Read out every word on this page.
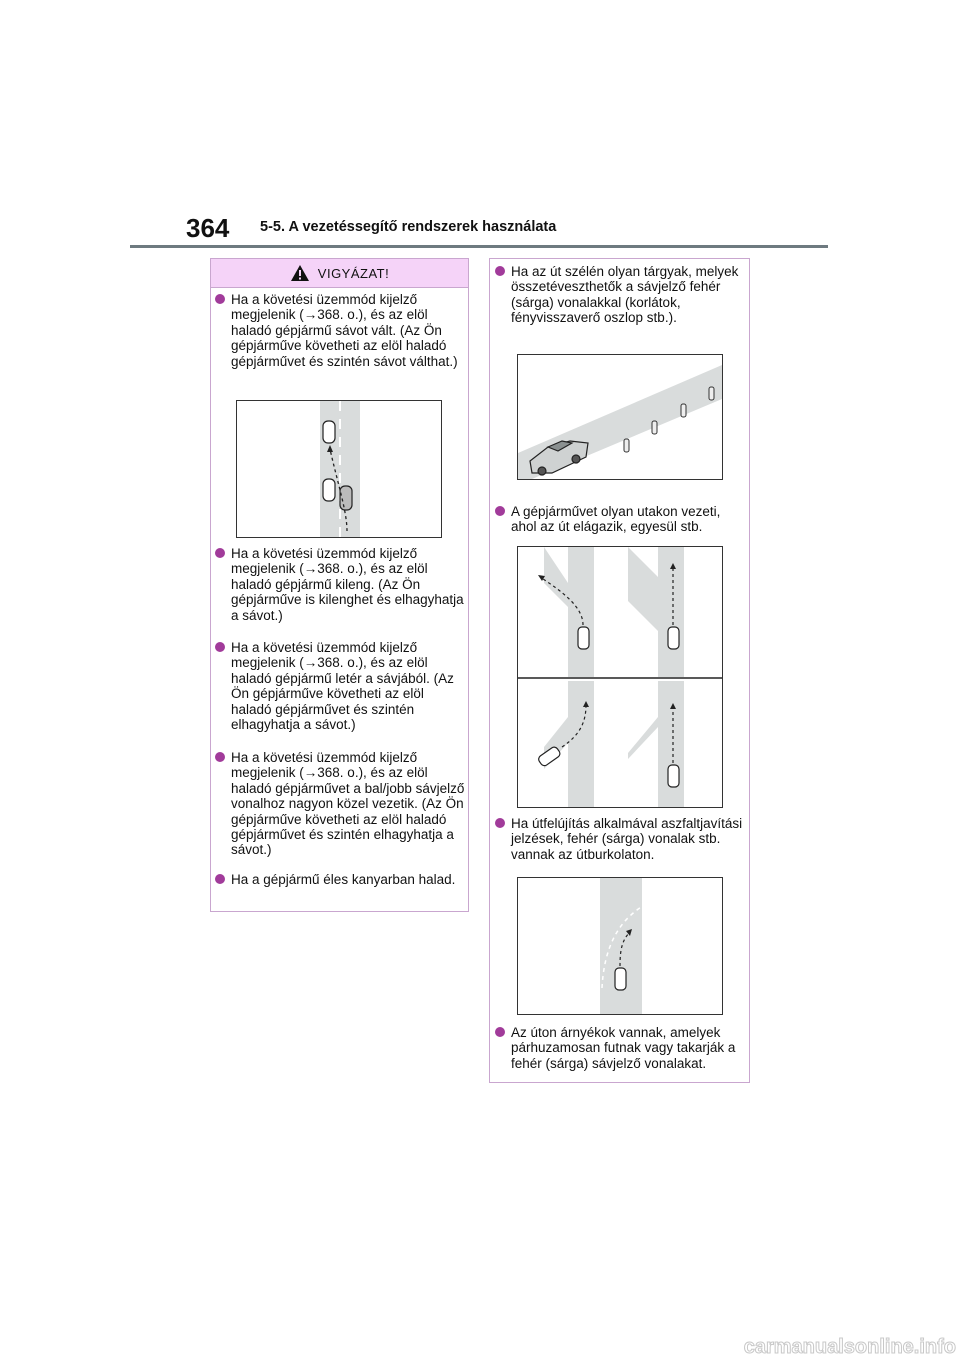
364 5-5. A vezetéssegítő rendszerek használata
VIGYÁZAT!
Ha a követési üzemmód kijelző megjelenik (→368. o.), és az elöl haladó gépjármű sávot vált. (Az Ön gépjárműve követheti az elöl haladó gépjárművet és szintén sávot válthat.)
Ha a követési üzemmód kijelző megjelenik (→368. o.), és az elöl haladó gépjármű kileng. (Az Ön gépjárműve is kilenghet és elhagyhatja a sávot.)
Ha a követési üzemmód kijelző megjelenik (→368. o.), és az elöl haladó gépjármű letér a sávjából. (Az Ön gépjárműve követheti az elöl haladó gépjárművet és szintén elhagyhatja a sávot.)
Ha a követési üzemmód kijelző megjelenik (→368. o.), és az elöl haladó gépjárművet a bal/jobb sávjelző vonalhoz nagyon közel vezetik. (Az Ön gépjárműve követheti az elöl haladó gépjárművet és szintén elhagyhatja a sávot.)
Ha a gépjármű éles kanyarban halad.
Ha az út szélén olyan tárgyak, melyek összetéveszthetők a sávjelző fehér (sárga) vonalakkal (korlátok, fényvisszaverő oszlop stb.).
A gépjárművet olyan utakon vezeti, ahol az út elágazik, egyesül stb.
Ha útfelújítás alkalmával aszfaltjavítási jelzések, fehér (sárga) vonalak stb. vannak az útburkolaton.
Az úton árnyékok vannak, amelyek párhuzamosan futnak vagy takarják a fehér (sárga) sávjelző vonalakat.
carmanualsonline.info
